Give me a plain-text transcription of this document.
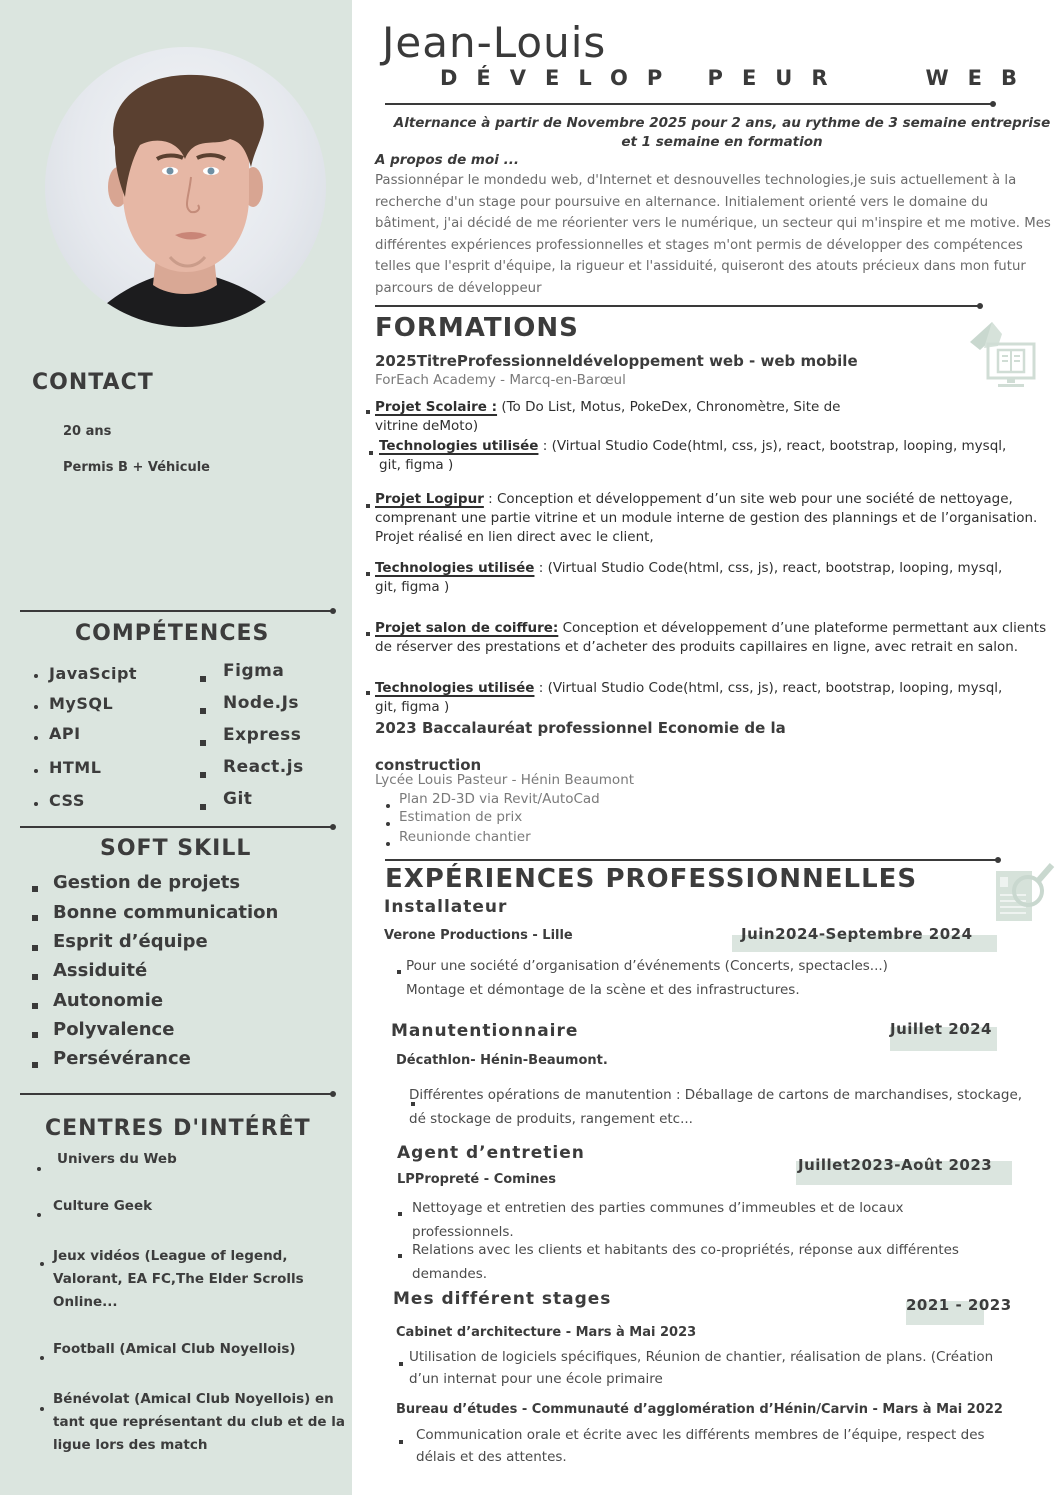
CONTACT
20 ans
Permis B + Véhicule
COMPÉTENCES
JavaScipt
MySQL
API
HTML
CSS
Figma
Node.Js
Express
React.js
Git
SOFT SKILL
Gestion de projets
Bonne communication
Esprit d’équipe
Assiduité
Autonomie
Polyvalence
Persévérance
CENTRES D'INTÉRÊT
Univers du Web
Culture Geek
Jeux vidéos (League of legend, Valorant, EA FC,The Elder Scrolls Online...
Football (Amical Club Noyellois)
Bénévolat (Amical Club Noyellois) en tant que représentant du club et de la ligue lors des match
Jean-Louis
DÉVELOP PEUR   WEB

Alternance à partir de Novembre 2025 pour 2 ans, au rythme de 3 semaine entreprise et 1 semaine en formation

A propos de moi ...

Passionnépar le mondedu web, d'Internet et desnouvelles technologies,je suis actuellement à la recherche d'un stage pour poursuive en alternance. Initialement orienté vers le domaine du bâtiment, j'ai décidé de me réorienter vers le numérique, un secteur qui m'inspire et me motive. Mes différentes expériences professionnelles et stages m'ont permis de développer des compétences telles que l'esprit d'équipe, la rigueur et l'assiduité, quiseront des atouts précieux dans mon futur parcours de développeur

FORMATIONS
2025TitreProfessionneldéveloppement web - web mobile
ForEach Academy - Marcq-en-Barœul

Projet Scolaire : (To Do List, Motus, PokeDex, Chronomètre, Site de vitrine deMoto)

Technologies utilisée : (Virtual Studio Code(html, css, js), react, bootstrap, looping, mysql, git, figma )

Projet Logipur : Conception et développement d’un site web pour une société de nettoyage, comprenant une partie vitrine et un module interne de gestion des plannings et de l’organisation. Projet réalisé en lien direct avec le client,

Technologies utilisée : (Virtual Studio Code(html, css, js), react, bootstrap, looping, mysql, git, figma )

Projet salon de coiffure: Conception et développement d’une plateforme permettant aux clients de réserver des prestations et d’acheter des produits capillaires en ligne, avec retrait en salon.

Technologies utilisée : (Virtual Studio Code(html, css, js), react, bootstrap, looping, mysql, git, figma )

2023 Baccalauréat professionnel Economie de la
construction
Lycée Louis Pasteur - Hénin Beaumont
Plan 2D-3D via Revit/AutoCad
Estimation de prix
Reunionde chantier
EXPÉRIENCES PROFESSIONNELLES
Installateur
Verone Productions - Lille	Juin2024-Septembre 2024
Pour une société d’organisation d’événements (Concerts, spectacles...)
Montage et démontage de la scène et des infrastructures.
Manutentionnaire
Décathlon- Hénin-Beaumont.
Juillet 2024
Différentes opérations de manutention : Déballage de cartons de marchandises, stockage, dé stockage de produits, rangement etc...
Agent d’entretien
LPPropreté - Comines
Juillet2023-Août 2023
Nettoyage et entretien des parties communes d’immeubles et de locaux professionnels.
Relations avec les clients et habitants des co-propriétés, réponse aux différentes demandes.
Mes différent stages	2021 - 2023
Cabinet d’architecture - Mars à Mai 2023
Utilisation de logiciels spécifiques, Réunion de chantier, réalisation de plans. (Création d’un internat pour une école primaire
Bureau d’études - Communauté d’agglomération d’Hénin/Carvin - Mars à Mai 2022
Communication orale et écrite avec les différents membres de l’équipe, respect des délais et des attentes.
